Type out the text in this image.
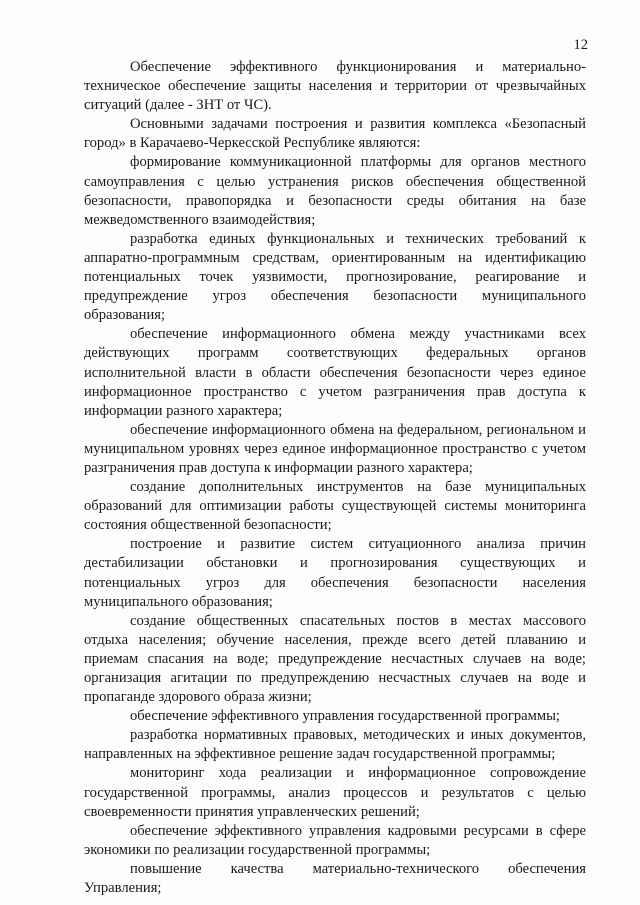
12

Обеспечение эффективного функционирования и материально-техническое обеспечение защиты населения и территории от чрезвычайных ситуаций (далее - ЗНТ от ЧС).

Основными задачами построения и развития комплекса «Безопасный город» в Карачаево-Черкесской Республике являются:

формирование коммуникационной платформы для органов местного самоуправления с целью устранения рисков обеспечения общественной безопасности, правопорядка и безопасности среды обитания на базе межведомственного взаимодействия;

разработка единых функциональных и технических требований к аппаратно-программным средствам, ориентированным на идентификацию потенциальных точек уязвимости, прогнозирование, реагирование и предупреждение угроз обеспечения безопасности муниципального образования;

обеспечение информационного обмена между участниками всех действующих программ соответствующих федеральных органов исполнительной власти в области обеспечения безопасности через единое информационное пространство с учетом разграничения прав доступа к информации разного характера;

обеспечение информационного обмена на федеральном, региональном и муниципальном уровнях через единое информационное пространство с учетом разграничения прав доступа к информации разного характера;

создание дополнительных инструментов на базе муниципальных образований для оптимизации работы существующей системы мониторинга состояния общественной безопасности;

построение и развитие систем ситуационного анализа причин дестабилизации обстановки и прогнозирования существующих и потенциальных угроз для обеспечения безопасности населения муниципального образования;

создание общественных спасательных постов в местах массового отдыха населения; обучение населения, прежде всего детей плаванию и приемам спасания на воде; предупреждение несчастных случаев на воде; организация агитации по предупреждению несчастных случаев на воде и пропаганде здорового образа жизни;

обеспечение эффективного управления государственной программы;

разработка нормативных правовых, методических и иных документов, направленных на эффективное решение задач государственной программы;

мониторинг хода реализации и информационное сопровождение государственной программы, анализ процессов и результатов с целью своевременности принятия управленческих решений;

обеспечение эффективного управления кадровыми ресурсами в сфере экономики по реализации государственной программы;

повышение качества материально-технического обеспечения Управления;
